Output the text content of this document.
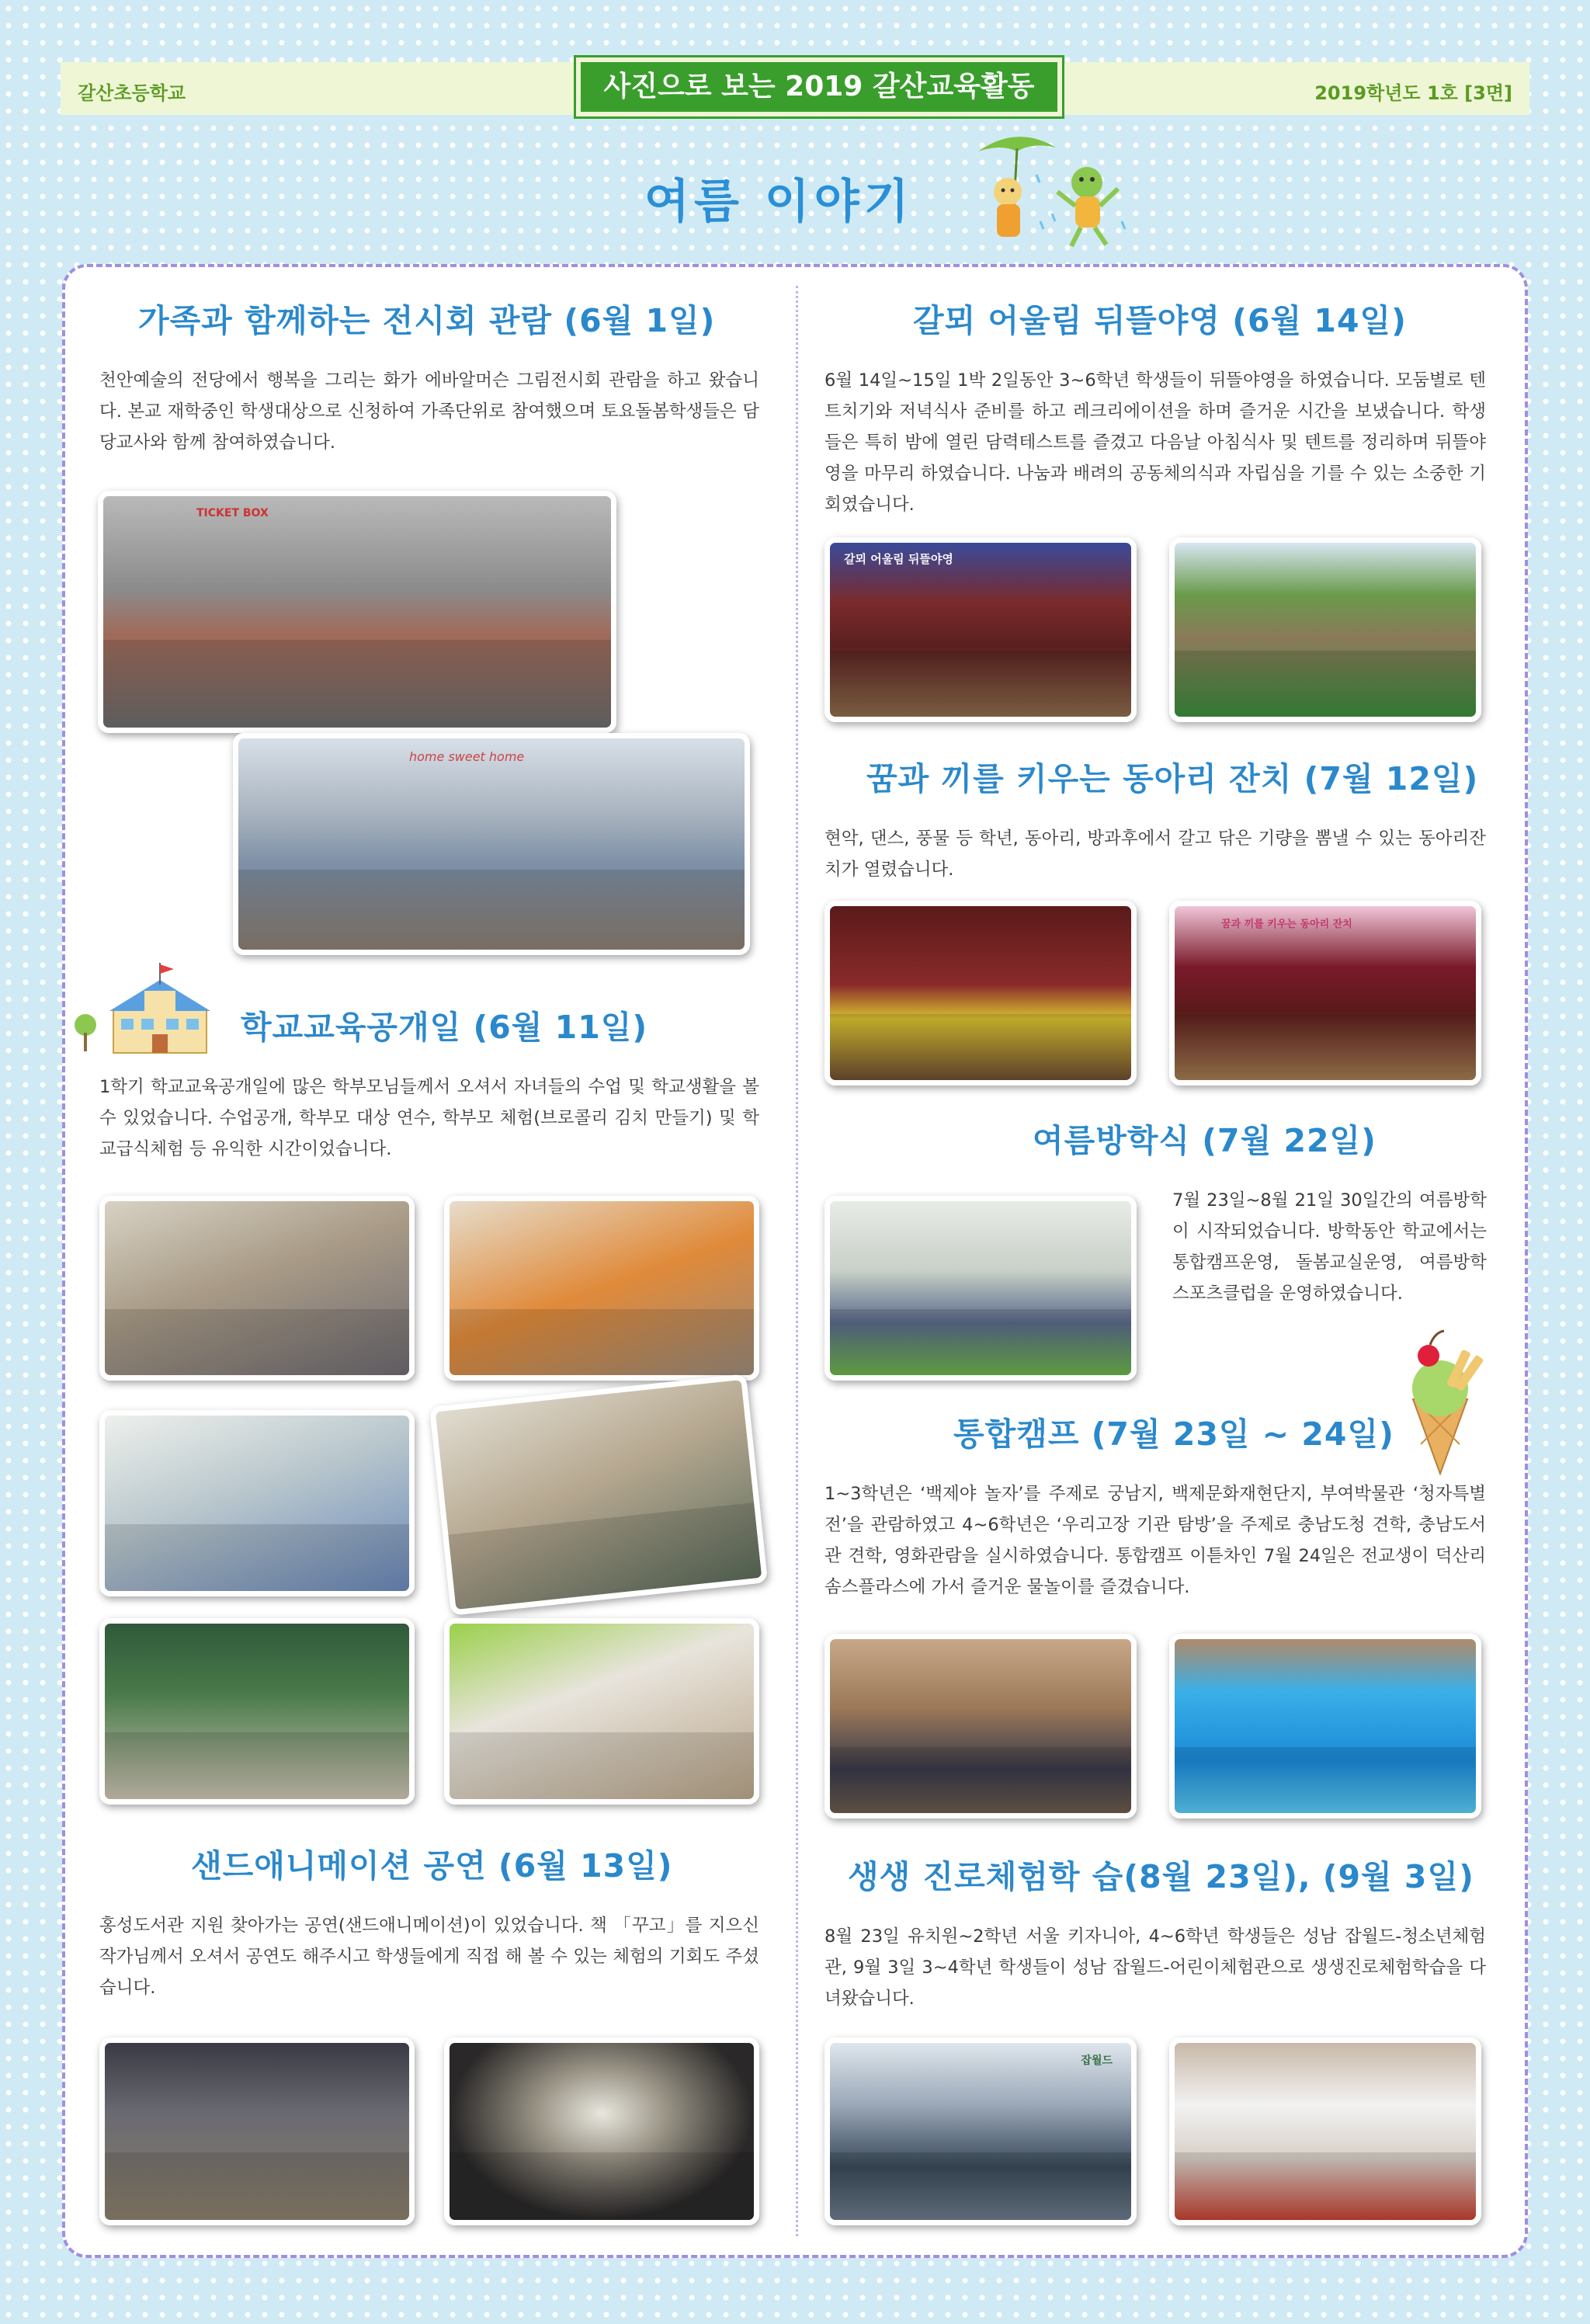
갈산초등학교	사진으로 보는 2019 갈산교육활동	2019학년도 1호 [3면]
여름 이야기
가족과 함께하는 전시회 관람 (6월 1일)
천안예술의 전당에서 행복을 그리는 화가 에바알머슨 그림전시회 관람을 하고 왔습니다. 본교 재학중인 학생대상으로 신청하여 가족단위로 참여했으며 토요돌봄학생들은 담당교사와 함께 참여하였습니다.
TICKET BOX
home sweet home
학교교육공개일 (6월 11일)
1학기 학교교육공개일에 많은 학부모님들께서 오셔서 자녀들의 수업 및 학교생활을 볼 수 있었습니다. 수업공개, 학부모 대상 연수, 학부모 체험(브로콜리 김치 만들기) 및 학교급식체험 등 유익한 시간이었습니다.
샌드애니메이션 공연 (6월 13일)
홍성도서관 지원 찾아가는 공연(샌드애니메이션)이 있었습니다. 책 「꾸고」를 지으신 작가님께서 오셔서 공연도 해주시고 학생들에게 직접 해 볼 수 있는 체험의 기회도 주셨습니다.
갈뫼 어울림 뒤뜰야영 (6월 14일)
6월 14일~15일 1박 2일동안 3~6학년 학생들이 뒤뜰야영을 하였습니다. 모둠별로 텐트치기와 저녁식사 준비를 하고 레크리에이션을 하며 즐거운 시간을 보냈습니다. 학생들은 특히 밤에 열린 담력테스트를 즐겼고 다음날 아침식사 및 텐트를 정리하며 뒤뜰야영을 마무리 하였습니다. 나눔과 배려의 공동체의식과 자립심을 기를 수 있는 소중한 기회였습니다.
갈뫼 어울림 뒤뜰야영
꿈과 끼를 키우는 동아리 잔치 (7월 12일)
현악, 댄스, 풍물 등 학년, 동아리, 방과후에서 갈고 닦은 기량을 뽐낼 수 있는 동아리잔치가 열렸습니다.
꿈과 끼를 키우는 동아리 잔치
여름방학식 (7월 22일)
7월 23일~8월 21일 30일간의 여름방학이 시작되었습니다. 방학동안 학교에서는 통합캠프운영, 돌봄교실운영, 여름방학 스포츠클럽을 운영하였습니다.
통합캠프 (7월 23일 ~ 24일)
1~3학년은 ‘백제야 놀자’를 주제로 궁남지, 백제문화재현단지, 부여박물관 ‘청자특별전’을 관람하였고 4~6학년은 ‘우리고장 기관 탐방’을 주제로 충남도청 견학, 충남도서관 견학, 영화관람을 실시하였습니다. 통합캠프 이튿차인 7월 24일은 전교생이 덕산리솜스플라스에 가서 즐거운 물놀이를 즐겼습니다.
생생 진로체험학 습(8월 23일), (9월 3일)
8월 23일 유치원~2학년 서울 키자니아, 4~6학년 학생들은 성남 잡월드-청소년체험관, 9월 3일 3~4학년 학생들이 성남 잡월드-어린이체험관으로 생생진로체험학습을 다녀왔습니다.
잡월드
